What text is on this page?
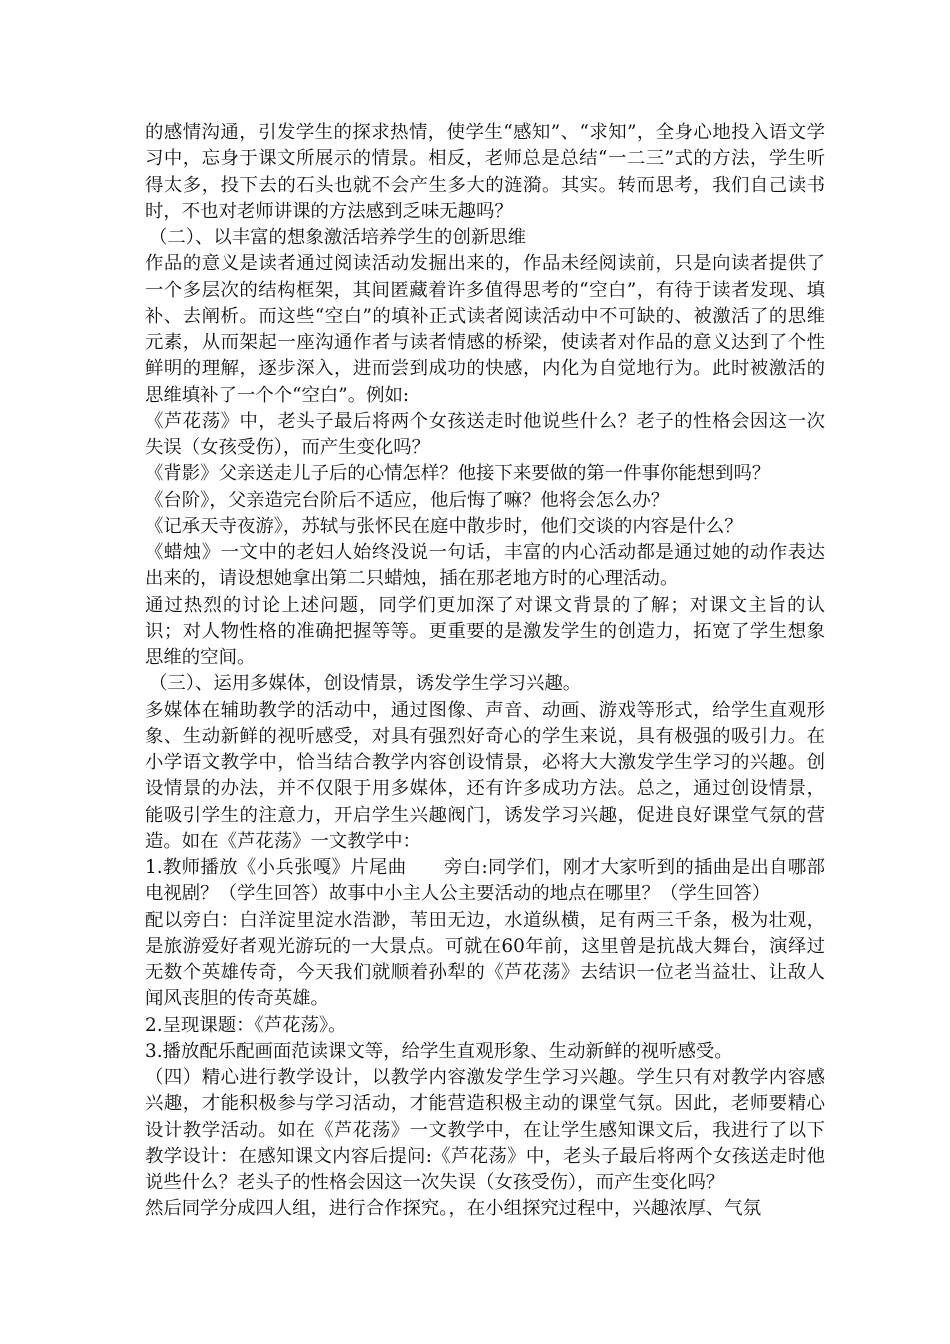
的感情沟通，引发学生的探求热情，使学生“感知”、“求知”，全身心地投入语文学习中，忘身于课文所展示的情景。相反，老师总是总结“一二三”式的方法，学生听得太多，投下去的石头也就不会产生多大的涟漪。其实。转而思考，我们自己读书时，不也对老师讲课的方法感到乏味无趣吗？

（二）、以丰富的想象激活培养学生的创新思维

作品的意义是读者通过阅读活动发掘出来的，作品未经阅读前，只是向读者提供了一个多层次的结构框架，其间匿藏着许多值得思考的“空白”，有待于读者发现、填补、去阐析。而这些“空白”的填补正式读者阅读活动中不可缺的、被激活了的思维元素，从而架起一座沟通作者与读者情感的桥梁，使读者对作品的意义达到了个性鲜明的理解，逐步深入，进而尝到成功的快感，内化为自觉地行为。此时被激活的思维填补了一个个“空白”。例如:

《芦花荡》中，老头子最后将两个女孩送走时他说些什么？老子的性格会因这一次失误（女孩受伤），而产生变化吗？

《背影》父亲送走儿子后的心情怎样？他接下来要做的第一件事你能想到吗？

《台阶》，父亲造完台阶后不适应，他后悔了嘛？他将会怎么办？

《记承天寺夜游》，苏轼与张怀民在庭中散步时，他们交谈的内容是什么？

《蜡烛》一文中的老妇人始终没说一句话，丰富的内心活动都是通过她的动作表达出来的，请设想她拿出第二只蜡烛，插在那老地方时的心理活动。

通过热烈的讨论上述问题，同学们更加深了对课文背景的了解；对课文主旨的认识；对人物性格的准确把握等等。更重要的是激发学生的创造力，拓宽了学生想象思维的空间。

（三）、运用多媒体，创设情景，诱发学生学习兴趣。

多媒体在辅助教学的活动中，通过图像、声音、动画、游戏等形式，给学生直观形象、生动新鲜的视听感受，对具有强烈好奇心的学生来说，具有极强的吸引力。在小学语文教学中，恰当结合教学内容创设情景，必将大大激发学生学习的兴趣。创设情景的办法，并不仅限于用多媒体，还有许多成功方法。总之，通过创设情景，能吸引学生的注意力，开启学生兴趣阀门，诱发学习兴趣，促进良好课堂气氛的营造。如在《芦花荡》一文教学中：

1.教师播放《小兵张嘎》片尾曲　　旁白:同学们，刚才大家听到的插曲是出自哪部电视剧？（学生回答）故事中小主人公主要活动的地点在哪里？（学生回答）

配以旁白：白洋淀里淀水浩渺，苇田无边，水道纵横，足有两三千条，极为壮观，是旅游爱好者观光游玩的一大景点。可就在60年前，这里曾是抗战大舞台，演绎过无数个英雄传奇，今天我们就顺着孙犁的《芦花荡》去结识一位老当益壮、让敌人闻风丧胆的传奇英雄。

2.呈现课题：《芦花荡》。

3.播放配乐配画面范读课文等，给学生直观形象、生动新鲜的视听感受。

（四）精心进行教学设计，以教学内容激发学生学习兴趣。学生只有对教学内容感兴趣，才能积极参与学习活动，才能营造积极主动的课堂气氛。因此，老师要精心设计教学活动。如在《芦花荡》一文教学中，在让学生感知课文后，我进行了以下教学设计：在感知课文内容后提问:《芦花荡》中，老头子最后将两个女孩送走时他说些什么？老头子的性格会因这一次失误（女孩受伤），而产生变化吗？

然后同学分成四人组，进行合作探究。，在小组探究过程中，兴趣浓厚、气氛
